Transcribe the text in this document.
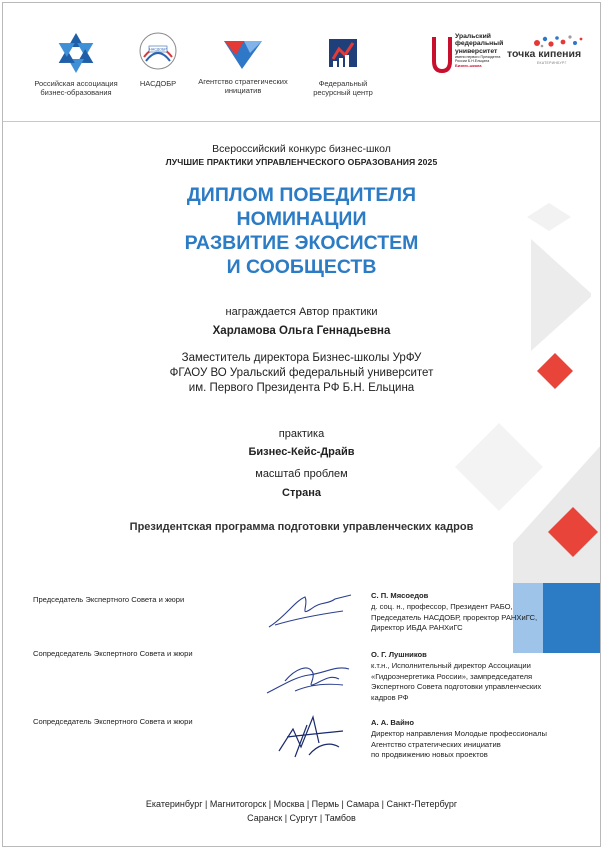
Российская ассоциация
бизнес-образования
НАСДОБР
НАСДОБР	Агентство стратегических
инициатив
Федеральный
ресурсный центр
Уральский
федеральный
университет
имени первого Президента
России Б.Н.Ельцина
Бизнес-школа
точка кипения
ЕКАТЕРИНБУРГ
Всероссийский конкурс бизнес-школ
ЛУЧШИЕ ПРАКТИКИ УПРАВЛЕНЧЕСКОГО ОБРАЗОВАНИЯ 2025
ДИПЛОМ ПОБЕДИТЕЛЯ
НОМИНАЦИИ
РАЗВИТИЕ ЭКОСИСТЕМ
И СООБЩЕСТВ
награждается Автор практики
Харламова Ольга Геннадьевна
Заместитель директора Бизнес-школы УрФУ
ФГАОУ ВО Уральский федеральный университет
им. Первого Президента РФ Б.Н. Ельцина
практика
Бизнес-Кейс-Драйв
масштаб проблем
Страна
Президентская программа подготовки управленческих кадров
Председатель Экспертного Совета и жюри	С. П. Мясоедов
д. соц. н., профессор, Президент РАБО,
Председатель НАСДОБР, проректор РАНХиГС,
Директор ИБДА РАНХиГС
Сопредседатель Экспертного Совета и жюри	О. Г. Лушников
к.т.н., Исполнительный директор Ассоциации
«Гидроэнергетика России», зампредседателя
Экспертного Совета подготовки управленческих
кадров РФ
Сопредседатель Экспертного Совета и жюри	А. А. Вайно
Директор направления Молодые профессионалы
Агентство стратегических инициатив
по продвижению новых проектов
Екатеринбург | Магнитогорск | Москва | Пермь | Самара | Санкт-Петербург
Саранск | Сургут | Тамбов
